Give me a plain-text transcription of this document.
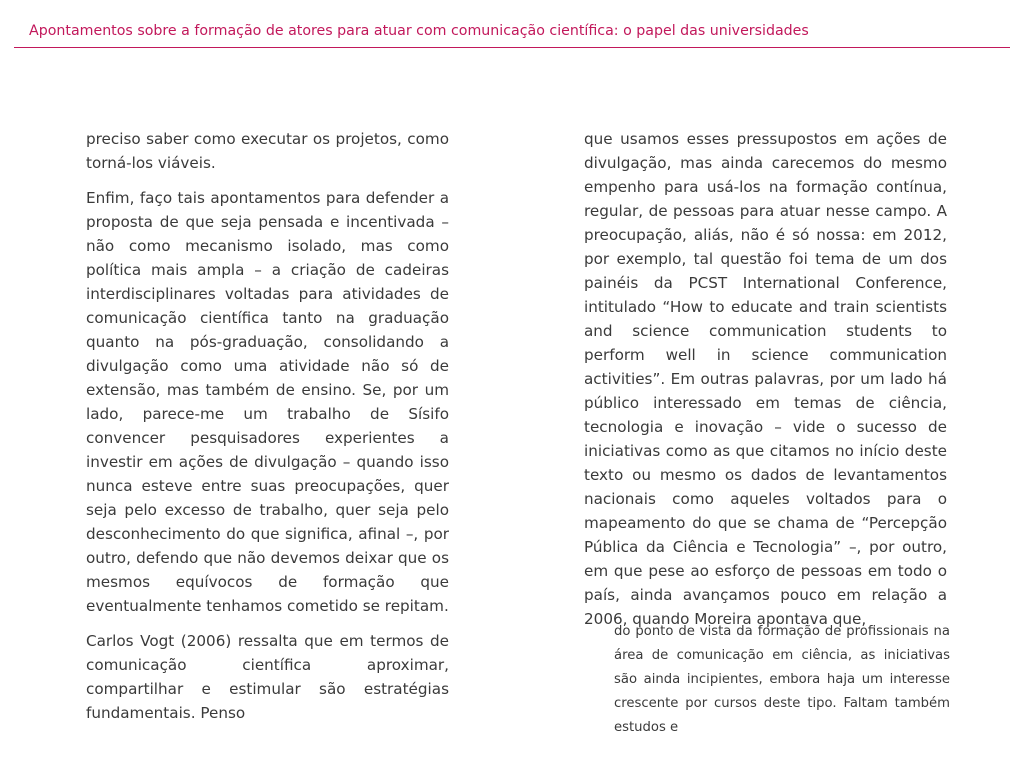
Apontamentos sobre a formação de atores para atuar com comunicação científica: o papel das universidades

preciso saber como executar os projetos, como torná-los viáveis.

Enfim, faço tais apontamentos para defender a proposta de que seja pensada e incentivada – não como mecanismo isolado, mas como política mais ampla – a criação de cadeiras interdisciplinares voltadas para atividades de comunicação científica tanto na graduação quanto na pós-graduação, consolidando a divulgação como uma atividade não só de extensão, mas também de ensino. Se, por um lado, parece-me um trabalho de Sísifo convencer pesquisadores experientes a investir em ações de divulgação – quando isso nunca esteve entre suas preocupações, quer seja pelo excesso de trabalho, quer seja pelo desconhecimento do que significa, afinal –, por outro, defendo que não devemos deixar que os mesmos equívocos de formação que eventualmente tenhamos cometido se repitam.

Carlos Vogt (2006) ressalta que em termos de comunicação científica aproximar, compartilhar e estimular são estratégias fundamentais. Penso

que usamos esses pressupostos em ações de divulgação, mas ainda carecemos do mesmo empenho para usá-los na formação contínua, regular, de pessoas para atuar nesse campo. A preocupação, aliás, não é só nossa: em 2012, por exemplo, tal questão foi tema de um dos painéis da PCST International Conference, intitulado “How to educate and train scientists and science communication students to perform well in science communication activities”. Em outras palavras, por um lado há público interessado em temas de ciência, tecnologia e inovação – vide o sucesso de iniciativas como as que citamos no início deste texto ou mesmo os dados de levantamentos nacionais como aqueles voltados para o mapeamento do que se chama de “Percepção Pública da Ciência e Tecnologia” –, por outro, em que pese ao esforço de pessoas em todo o país, ainda avançamos pouco em relação a 2006, quando Moreira apontava que,

do ponto de vista da formação de profissionais na área de comunicação em ciência, as iniciativas são ainda incipientes, embora haja um interesse crescente por cursos deste tipo. Faltam também estudos e
